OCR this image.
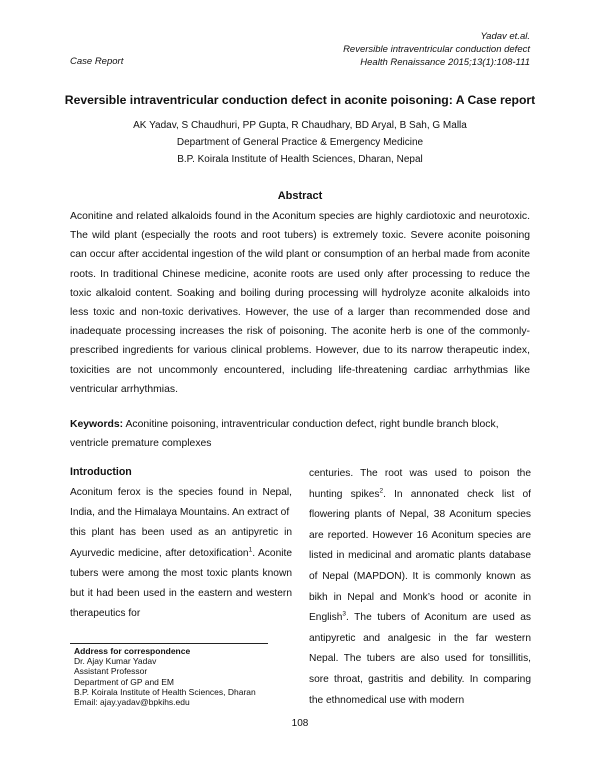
Yadav et.al.
Reversible intraventricular conduction defect
Health Renaissance 2015;13(1):108-111
Case Report
Reversible intraventricular conduction defect in aconite poisoning: A Case report
AK Yadav, S Chaudhuri, PP Gupta, R Chaudhary, BD Aryal, B Sah, G Malla
Department of General Practice & Emergency Medicine
B.P. Koirala Institute of Health Sciences, Dharan, Nepal
Abstract
Aconitine and related alkaloids found in the Aconitum species are highly cardiotoxic and neurotoxic. The wild plant (especially the roots and root tubers) is extremely toxic. Severe aconite poisoning can occur after accidental ingestion of the wild plant or consumption of an herbal made from aconite roots. In traditional Chinese medicine, aconite roots are used only after processing to reduce the toxic alkaloid content. Soaking and boiling during processing will hydrolyze aconite alkaloids into less toxic and non-toxic derivatives. However, the use of a larger than recommended dose and inadequate processing increases the risk of poisoning. The aconite herb is one of the commonly-prescribed ingredients for various clinical problems. However, due to its narrow therapeutic index, toxicities are not uncommonly encountered, including life-threatening cardiac arrhythmias like ventricular arrhythmias.
Keywords: Aconitine poisoning, intraventricular conduction defect, right bundle branch block, ventricle premature complexes
Introduction

Aconitum ferox is the species found in Nepal, India, and the Himalaya Mountains. An extract of

this plant has been used as an antipyretic in Ayurvedic medicine, after detoxification$^1$. Aconite tubers were among the most toxic plants known but it had been used in the eastern and western therapeutics for

centuries. The root was used to poison the hunting spikes$^2$. In annonated check list of flowering plants of Nepal, 38 Aconitum species are reported. However 16 Aconitum species are listed in medicinal and aromatic plants database of Nepal (MAPDON). It is commonly known as bikh in Nepal and Monk’s hood or aconite in English$^3$. The tubers of Aconitum are used as antipyretic and analgesic in the far western Nepal. The tubers are also used for tonsillitis, sore throat, gastritis and debility. In comparing the ethnomedical use with modern

Address for correspondence
Dr. Ajay Kumar Yadav
Assistant Professor
Department of GP and EM
B.P. Koirala Institute of Health Sciences, Dharan
Email: ajay.yadav@bpkihs.edu
108
